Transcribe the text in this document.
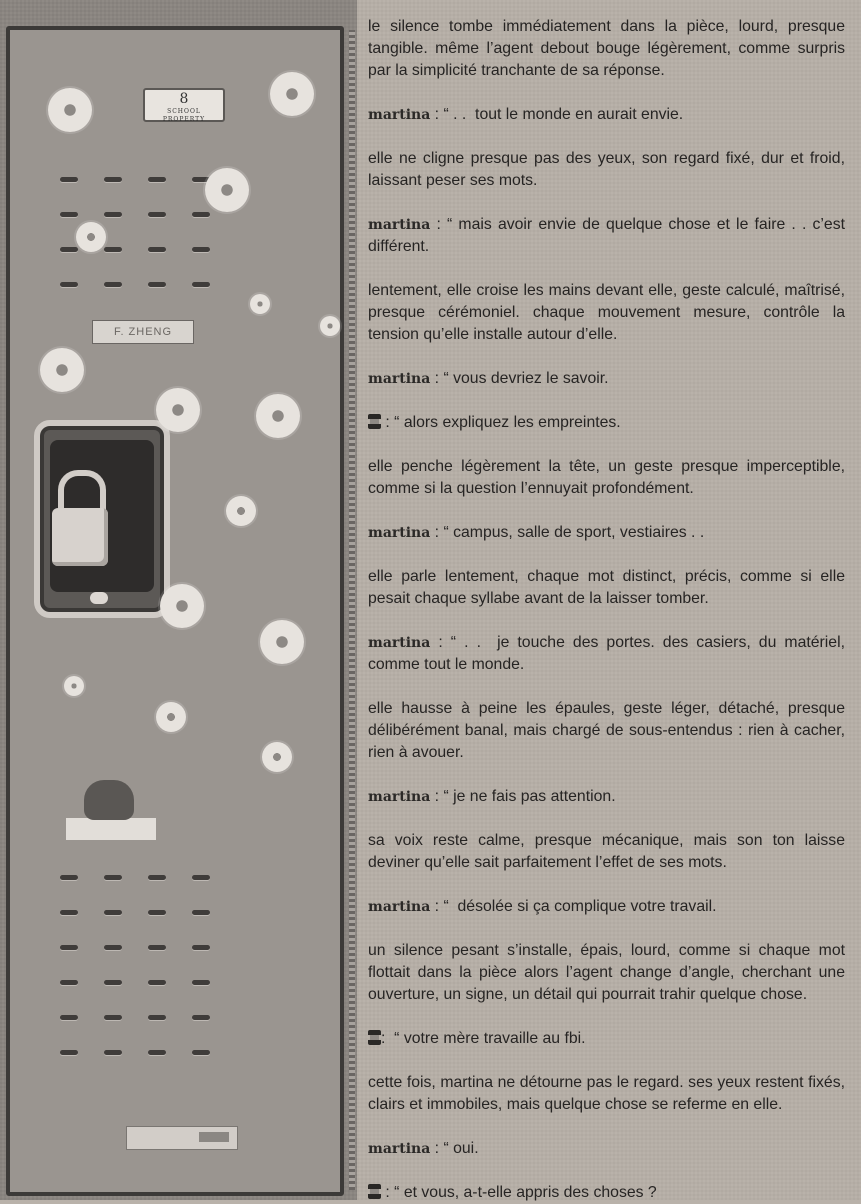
8
SCHOOL PROPERTY
F. ZHENG

le silence tombe immédiatement dans la pièce, lourd, presque tangible. même l’agent debout bouge légèrement, comme surpris par la simplicité tranchante de sa réponse.

martina : “ . .  tout le monde en aurait envie.

elle ne cligne presque pas des yeux, son regard fixé, dur et froid, laissant peser ses mots.

martina : “ mais avoir envie de quelque chose et le faire . . c’est différent.

lentement, elle croise les mains devant elle, geste calculé, maîtrisé, presque cérémoniel. chaque mouvement mesure, contrôle la tension qu’elle installe autour d’elle.

martina : “ vous devriez le savoir.

: “ alors expliquez les empreintes.

elle penche légèrement la tête, un geste presque imperceptible, comme si la question l’ennuyait profondément.

martina : “ campus, salle de sport, vestiaires . .

elle parle lentement, chaque mot distinct, précis, comme si elle pesait chaque syllabe avant de la laisser tomber.

martina : “ . .  je touche des portes. des casiers, du matériel, comme tout le monde.

elle hausse à peine les épaules, geste léger, détaché, presque délibérément banal, mais chargé de sous-entendus : rien à cacher, rien à avouer.

martina : “ je ne fais pas attention.

sa voix reste calme, presque mécanique, mais son ton laisse deviner qu’elle sait parfaitement l’effet de ses mots.

martina : “  désolée si ça complique votre travail.

un silence pesant s’installe, épais, lourd, comme si chaque mot flottait dans la pièce alors l’agent change d’angle, cherchant une ouverture, un signe, un détail qui pourrait trahir quelque chose.

:  “ votre mère travaille au fbi.

cette fois, martina ne détourne pas le regard. ses yeux restent fixés, clairs et immobiles, mais quelque chose se referme en elle.

martina : “ oui.

: “ et vous, a-t-elle appris des choses ?
